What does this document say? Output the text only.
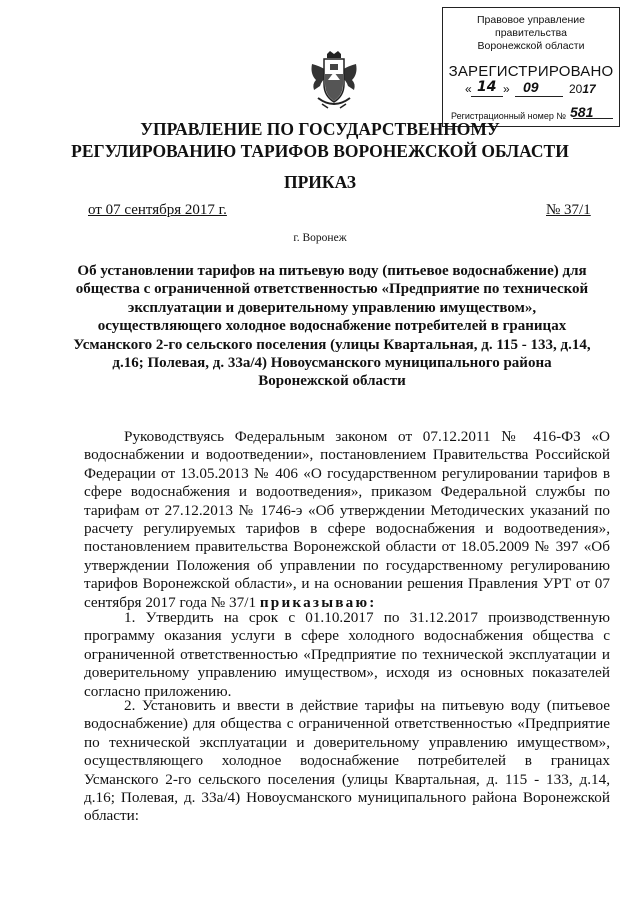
Правовое управление правительства
Воронежской области
ЗАРЕГИСТРИРОВАНО
« 14 » 09	2017
Регистрационный номер № 581
УПРАВЛЕНИЕ ПО ГОСУДАРСТВЕННОМУ РЕГУЛИРОВАНИЮ ТАРИФОВ ВОРОНЕЖСКОЙ ОБЛАСТИ
ПРИКАЗ
от 07 сентября 2017 г.	№ 37/1
г. Воронеж

Об установлении тарифов на питьевую воду (питьевое водоснабжение) для общества с ограниченной ответственностью «Предприятие по технической эксплуатации и доверительному управлению имуществом», осуществляющего холодное водоснабжение потребителей в границах Усманского 2-го сельского поселения (улицы Квартальная, д. 115 - 133, д.14, д.16; Полевая, д. 33а/4) Новоусманского муниципального района Воронежской области

Руководствуясь Федеральным законом от 07.12.2011 № 416-ФЗ «О водоснабжении и водоотведении», постановлением Правительства Российской Федерации от 13.05.2013 № 406 «О государственном регулировании тарифов в сфере водоснабжения и водоотведения», приказом Федеральной службы по тарифам от 27.12.2013 № 1746-э «Об утверждении Методических указаний по расчету регулируемых тарифов в сфере водоснабжения и водоотведения», постановлением правительства Воронежской области от 18.05.2009 № 397 «Об утверждении Положения об управлении по государственному регулированию тарифов Воронежской области», и на основании решения Правления УРТ от 07 сентября 2017 года № 37/1 приказываю:

1. Утвердить на срок с 01.10.2017 по 31.12.2017 производственную программу оказания услуги в сфере холодного водоснабжения общества с ограниченной ответственностью «Предприятие по технической эксплуатации и доверительному управлению имуществом», исходя из основных показателей согласно приложению.

2. Установить и ввести в действие тарифы на питьевую воду (питьевое водоснабжение) для общества с ограниченной ответственностью «Предприятие по технической эксплуатации и доверительному управлению имуществом», осуществляющего холодное водоснабжение потребителей в границах Усманского 2-го сельского поселения (улицы Квартальная, д. 115 - 133, д.14, д.16; Полевая, д. 33а/4) Новоусманского муниципального района Воронежской области:
